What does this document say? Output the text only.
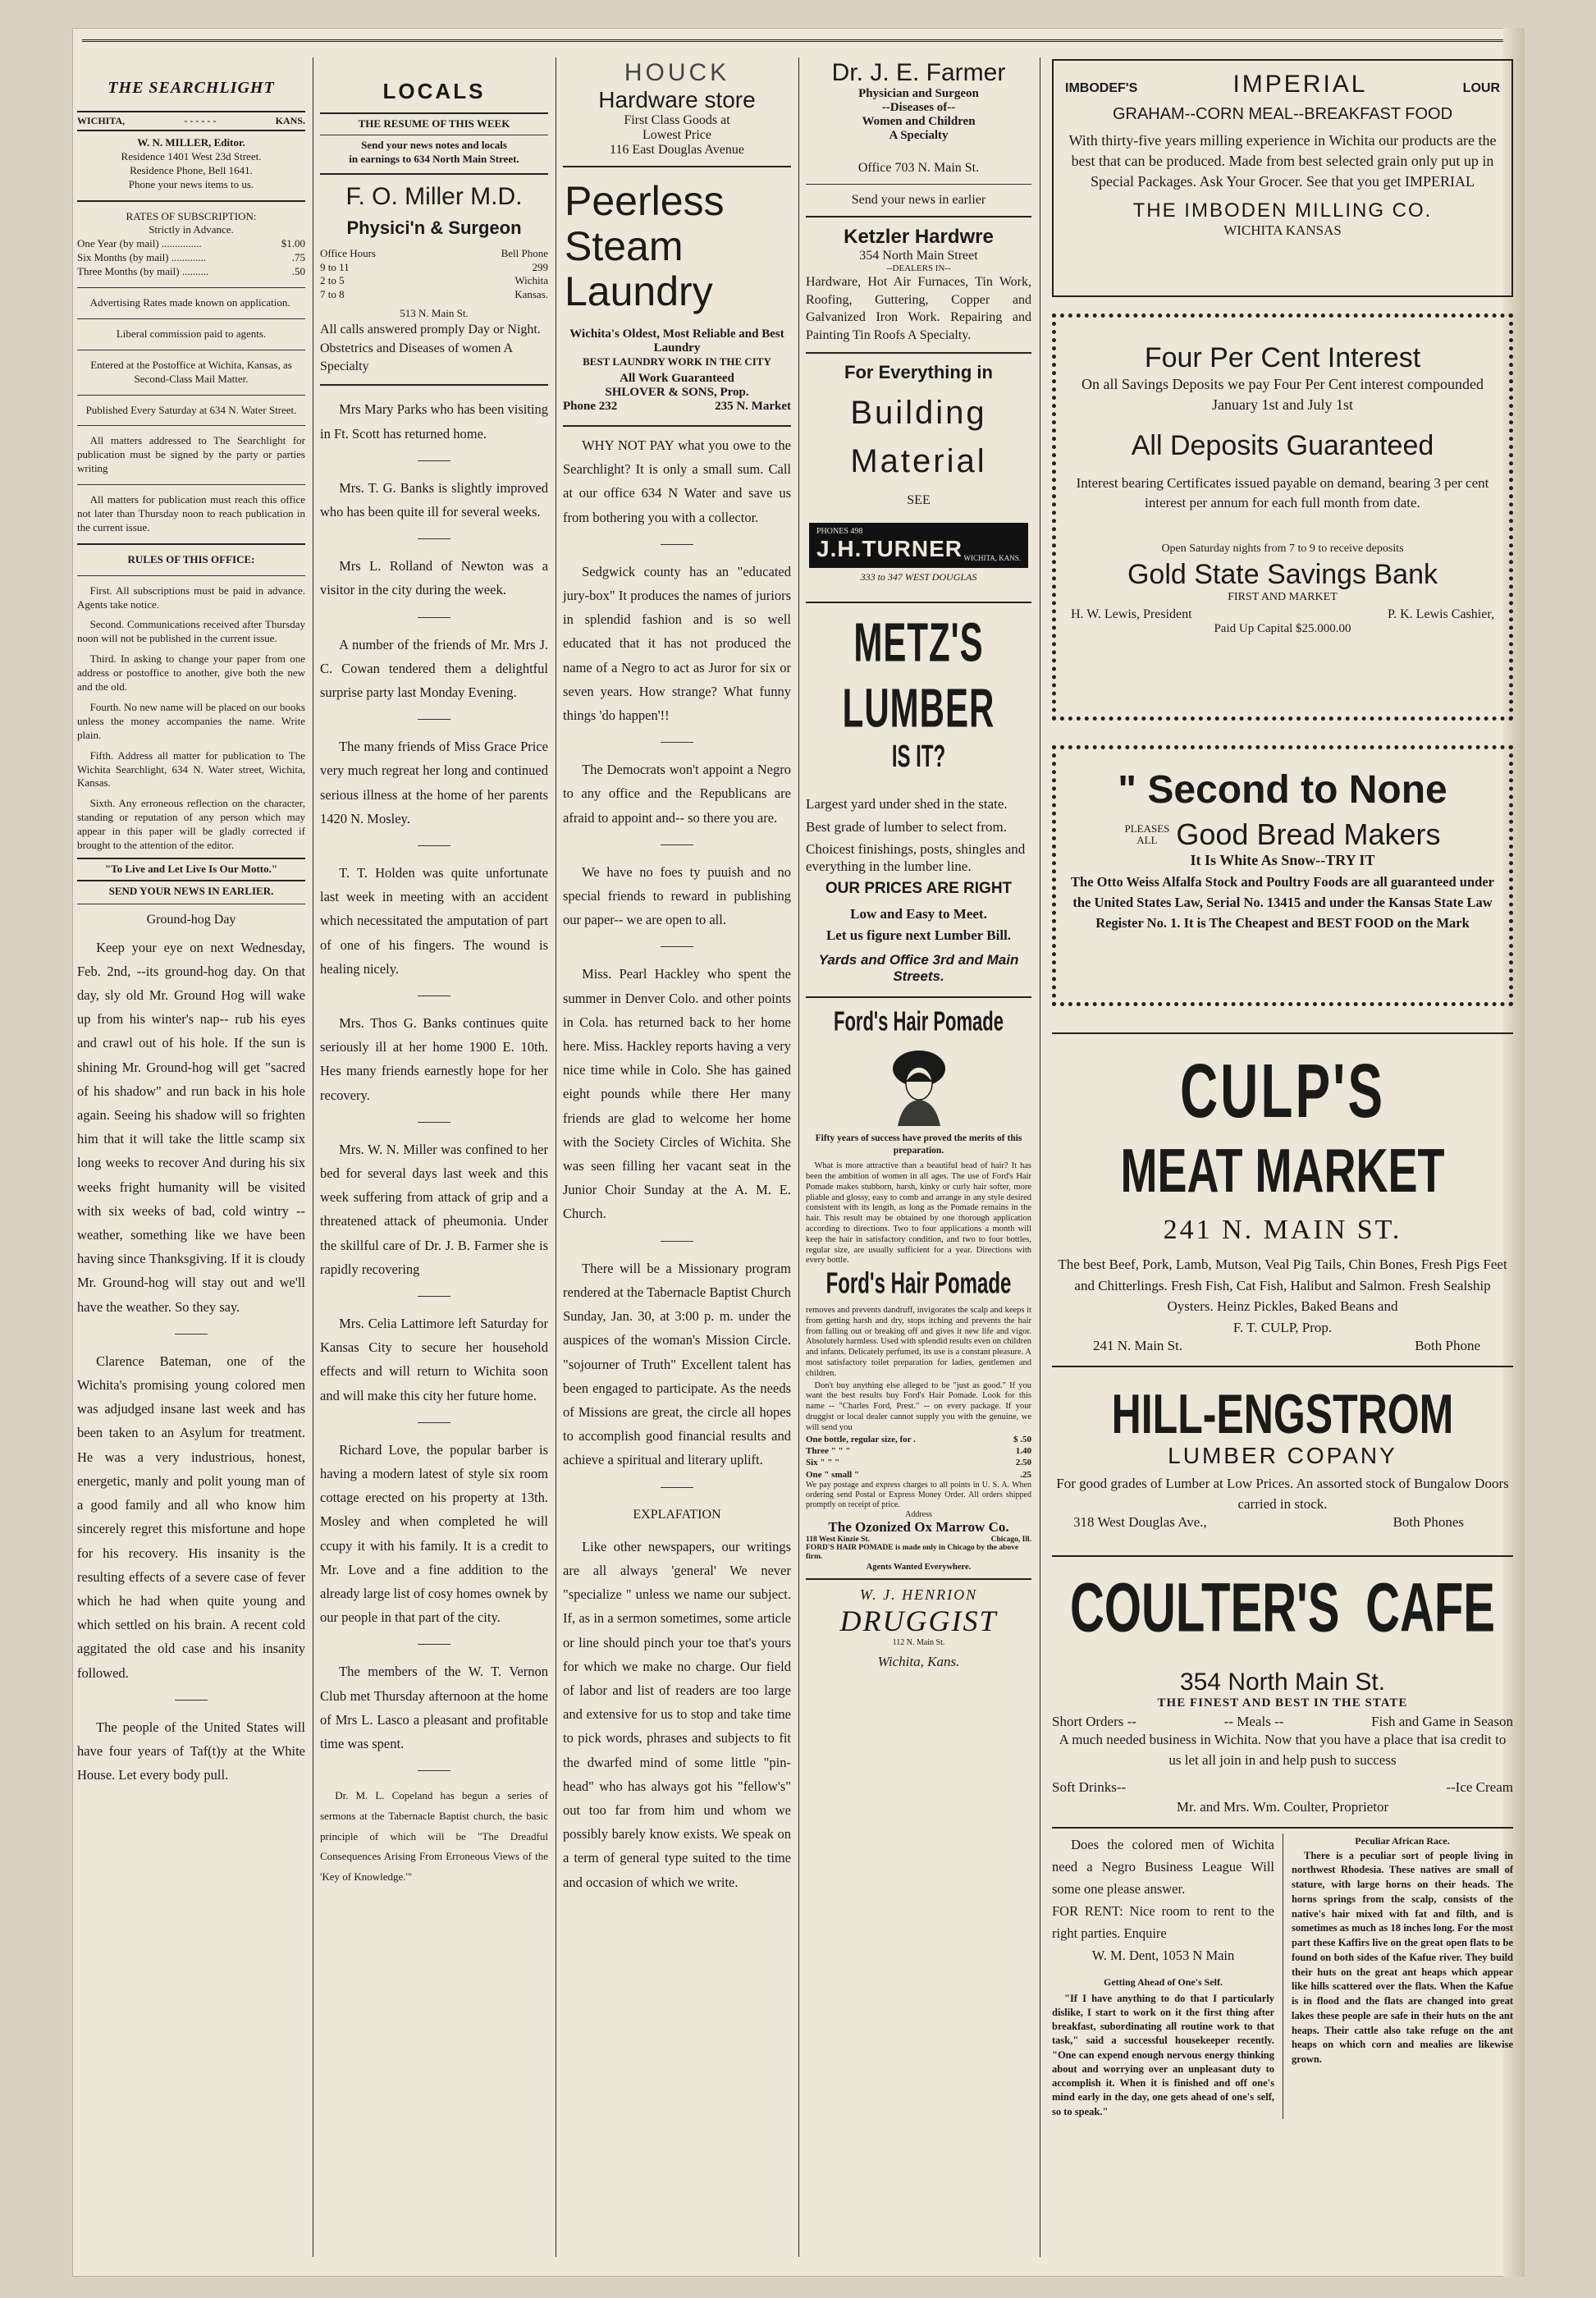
THE SEARCHLIGHT
WICHITA,	- - - - - -	KANS.
W. N. MILLER, Editor.
Residence 1401 West 23d Street.
Residence Phone, Bell 1641.
Phone your news items to us.
RATES OF SUBSCRIPTION:
Strictly in Advance.
One Year (by mail) ...............	$1.00
Six Months (by mail) .............	.75
Three Months (by mail) ..........	.50
Advertising Rates made known on application.
Liberal commission paid to agents.
Entered at the Postoffice at Wichita, Kansas, as Second-Class Mail Matter.
Published Every Saturday at 634 N. Water Street.
All matters addressed to The Searchlight for publication must be signed by the party or parties writing
All matters for publication must reach this office not later than Thursday noon to reach publication in the current issue.
RULES OF THIS OFFICE:

First. All subscriptions must be paid in advance. Agents take notice.

Second. Communications received after Thursday noon will not be published in the current issue.

Third. In asking to change your paper from one address or postoffice to another, give both the new and the old.

Fourth. No new name will be placed on our books unless the money accompanies the name. Write plain.

Fifth. Address all matter for publication to The Wichita Searchlight, 634 N. Water street, Wichita, Kansas.

Sixth. Any erroneous reflection on the character, standing or reputation of any person which may appear in this paper will be gladly corrected if brought to the attention of the editor.

"To Live and Let Live Is Our Motto."
SEND YOUR NEWS IN EARLIER.
Ground-hog Day

Keep your eye on next Wednesday, Feb. 2nd, --its ground-hog day. On that day, sly old Mr. Ground Hog will wake up from his winter's nap-- rub his eyes and crawl out of his hole. If the sun is shining Mr. Ground-hog will get "sacred of his shadow" and run back in his hole again. Seeing his shadow will so frighten him that it will take the little scamp six long weeks to recover And during his six weeks fright humanity will be visited with six weeks of bad, cold wintry -- weather, something like we have been having since Thanksgiving. If it is cloudy Mr. Ground-hog will stay out and we'll have the weather. So they say.

Clarence Bateman, one of the Wichita's promising young colored men was adjudged insane last week and has been taken to an Asylum for treatment. He was a very industrious, honest, energetic, manly and polit young man of a good family and all who know him sincerely regret this misfortune and hope for his recovery. His insanity is the resulting effects of a severe case of fever which he had when quite young and which settled on his brain. A recent cold aggitated the old case and his insanity followed.

The people of the United States will have four years of Taf(t)y at the White House. Let every body pull.

LOCALS
THE RESUME OF THIS WEEK
Send your news notes and locals
in earnings to 634 North Main Street.
F. O. Miller M.D.
Physici'n & Surgeon
Office Hours	Bell Phone
9 to 11	299
2 to 5	Wichita
7 to 8	Kansas.
513 N. Main St.
All calls answered promply Day or Night. Obstetrics and Diseases of women A Specialty

Mrs Mary Parks who has been visiting in Ft. Scott has returned home.

Mrs. T. G. Banks is slightly improved who has been quite ill for several weeks.

Mrs L. Rolland of Newton was a visitor in the city during the week.

A number of the friends of Mr. Mrs J. C. Cowan tendered them a delightful surprise party last Monday Evening.

The many friends of Miss Grace Price very much regreat her long and continued serious illness at the home of her parents 1420 N. Mosley.

T. T. Holden was quite unfortunate last week in meeting with an accident which necessitated the amputation of part of one of his fingers. The wound is healing nicely.

Mrs. Thos G. Banks continues quite seriously ill at her home 1900 E. 10th. Hes many friends earnestly hope for her recovery.

Mrs. W. N. Miller was confined to her bed for several days last week and this week suffering from attack of grip and a threatened attack of pheumonia. Under the skillful care of Dr. J. B. Farmer she is rapidly recovering

Mrs. Celia Lattimore left Saturday for Kansas City to secure her household effects and will return to Wichita soon and will make this city her future home.

Richard Love, the popular barber is having a modern latest of style six room cottage erected on his property at 13th. Mosley and when completed he will ccupy it with his family. It is a credit to Mr. Love and a fine addition to the already large list of cosy homes ownek by our people in that part of the city.

The members of the W. T. Vernon Club met Thursday afternoon at the home of Mrs L. Lasco a pleasant and profitable time was spent.

Dr. M. L. Copeland has begun a series of sermons at the Tabernacle Baptist church, the basic principle of which will be "The Dreadful Consequences Arising From Erroneous Views of the 'Key of Knowledge.'"

HOUCK
Hardware store
First Class Goods at
Lowest Price
116 East Douglas Avenue
Peerless Steam Laundry
Wichita's Oldest, Most Reliable and Best Laundry
BEST LAUNDRY WORK IN THE CITY
All Work Guaranteed
SHLOVER & SONS, Prop.
Phone 232	235 N. Market

WHY NOT PAY what you owe to the Searchlight? It is only a small sum. Call at our office 634 N Water and save us from bothering you with a collector.

Sedgwick county has an "educated jury-box" It produces the names of juriors in splendid fashion and is so well educated that it has not produced the name of a Negro to act as Juror for six or seven years. How strange? What funny things 'do happen'!!

The Democrats won't appoint a Negro to any office and the Republicans are afraid to appoint and-- so there you are.

We have no foes ty puuish and no special friends to reward in publishing our paper-- we are open to all.

Miss. Pearl Hackley who spent the summer in Denver Colo. and other points in Cola. has returned back to her home here. Miss. Hackley reports having a very nice time while in Colo. She has gained eight pounds while there Her many friends are glad to welcome her home with the Society Circles of Wichita. She was seen filling her vacant seat in the Junior Choir Sunday at the A. M. E. Church.

There will be a Missionary program rendered at the Tabernacle Baptist Church Sunday, Jan. 30, at 3:00 p. m. under the auspices of the woman's Mission Circle. "sojourner of Truth" Excellent talent has been engaged to participate. As the needs of Missions are great, the circle all hopes to accomplish good financial results and achieve a spiritual and literary uplift.

EXPLAFATION

Like other newspapers, our writings are all always 'general' We never "specialize " unless we name our subject. If, as in a sermon sometimes, some article or line should pinch your toe that's yours for which we make no charge. Our field of labor and list of readers are too large and extensive for us to stop and take time to pick words, phrases and subjects to fit the dwarfed mind of some little "pin-head" who has always got his "fellow's" out too far from him und whom we possibly barely know exists. We speak on a term of general type suited to the time and occasion of which we write.

Dr. J. E. Farmer
Physician and Surgeon
--Diseases of--
Women and Children
A Specialty
Office 703 N. Main St.
Send your news in earlier
Ketzler Hardwre
354 North Main Street
--DEALERS IN--
Hardware, Hot Air Furnaces, Tin Work, Roofing, Guttering, Copper and Galvanized Iron Work. Repairing and Painting Tin Roofs A Specialty.
For Everything in
Building
Material
SEE
PHONES 498
J.H.TURNER WICHITA, KANS.
333 to 347 WEST DOUGLAS
METZ'S
LUMBER
IS IT?

Largest yard under shed in the state.

Best grade of lumber to select from.

Choicest finishings, posts, shingles and everything in the lumber line.

OUR PRICES ARE RIGHT
Low and Easy to Meet.
Let us figure next Lumber Bill.
Yards and Office 3rd and Main Streets.
Ford's Hair Pomade
Fifty years of success have proved the merits of this preparation.
What is more attractive than a beautiful head of hair? It has been the ambition of women in all ages. The use of Ford's Hair Pomade makes stubborn, harsh, kinky or curly hair softer, more pliable and glossy, easy to comb and arrange in any style desired consistent with its length, as long as the Pomade remains in the hair. This result may be obtained by one thorough application according to directions. Two to four applications a month will keep the hair in satisfactory condition, and two to four bottles, regular size, are usually sufficient for a year. Directions with every bottle.
Ford's Hair Pomade
removes and prevents dandruff, invigorates the scalp and keeps it from getting harsh and dry, stops itching and prevents the hair from falling out or breaking off and gives it new life and vigor. Absolutely harmless. Used with splendid results even on children and infants. Delicately perfumed, its use is a constant pleasure. A most satisfactory toilet preparation for ladies, gentlemen and children.
Don't buy anything else alleged to be "just as good." If you want the best results buy Ford's Hair Pomade. Look for this name -- "Charles Ford, Prest." -- on every package. If your druggist or local dealer cannot supply you with the genuine, we will send you
One bottle, regular size, for .	$ .50
Three " " "	1.40
Six " " "	2.50
One " small "	.25
We pay postage and express charges to all points in U. S. A. When ordering send Postal or Express Money Order. All orders shipped promptly on receipt of price.
Address
The Ozonized Ox Marrow Co.
118 West Kinzie St.	Chicago, Ill.
FORD'S HAIR POMADE is made only in Chicago by the above firm.
Agents Wanted Everywhere.
W. J. HENRION
DRUGGIST
112 N. Main St.
Wichita, Kans.
IMBODEF'S	IMPERIAL	LOUR
GRAHAM--CORN MEAL--BREAKFAST FOOD
With thirty-five years milling experience in Wichita our products are the best that can be produced. Made from best selected grain only put up in Special Packages. Ask Your Grocer. See that you get IMPERIAL
THE IMBODEN MILLING CO.
WICHITA KANSAS
Four Per Cent Interest
On all Savings Deposits we pay Four Per Cent interest compounded January 1st and July 1st
All Deposits Guaranteed
Interest bearing Certificates issued payable on demand, bearing 3 per cent interest per annum for each full month from date.
Open Saturday nights from 7 to 9 to receive deposits
Gold State Savings Bank
FIRST AND MARKET
H. W. Lewis, President	P. K. Lewis Cashier,
Paid Up Capital $25.000.00
" Second to None
PLEASES
ALL Good Bread Makers
It Is White As Snow--TRY IT
The Otto Weiss Alfalfa Stock and Poultry Foods are all guaranteed under the United States Law, Serial No. 13415 and under the Kansas State Law Register No. 1. It is The Cheapest and BEST FOOD on the Mark
CULP'S
MEAT MARKET
241 N. MAIN ST.
The best Beef, Pork, Lamb, Mutson, Veal Pig Tails, Chin Bones, Fresh Pigs Feet and Chitterlings. Fresh Fish, Cat Fish, Halibut and Salmon. Fresh Sealship Oysters. Heinz Pickles, Baked Beans and
F. T. CULP, Prop.
241 N. Main St.	Both Phone
HILL-ENGSTROM
LUMBER COPANY
For good grades of Lumber at Low Prices. An assorted stock of Bungalow Doors carried in stock.
318 West Douglas Ave.,	Both Phones
COULTER'S CAFE
354 North Main St.
THE FINEST AND BEST IN THE STATE
Short Orders --	-- Meals --	Fish and Game in Season
A much needed business in Wichita. Now that you have a place that isa credit to us let all join in and help push to success
Soft Drinks--	--Ice Cream
Mr. and Mrs. Wm. Coulter, Proprietor
Does the colored men of Wichita need a Negro Business League Will some one please answer.
FOR RENT: Nice room to rent to the right parties. Enquire
W. M. Dent, 1053 N Main
Getting Ahead of One's Self.
"If I have anything to do that I particularly dislike, I start to work on it the first thing after breakfast, subordinating all routine work to that task," said a successful housekeeper recently. "One can expend enough nervous energy thinking about and worrying over an unpleasant duty to accomplish it. When it is finished and off one's mind early in the day, one gets ahead of one's self, so to speak."
Peculiar African Race.
There is a peculiar sort of people living in northwest Rhodesia. These natives are small of stature, with large horns on their heads. The horns springs from the scalp, consists of the native's hair mixed with fat and filth, and is sometimes as much as 18 inches long. For the most part these Kaffirs live on the great open flats to be found on both sides of the Kafue river. They build their huts on the great ant heaps which appear like hills scattered over the flats. When the Kafue is in flood and the flats are changed into great lakes these people are safe in their huts on the ant heaps. Their cattle also take refuge on the ant heaps on which corn and mealies are likewise grown.
